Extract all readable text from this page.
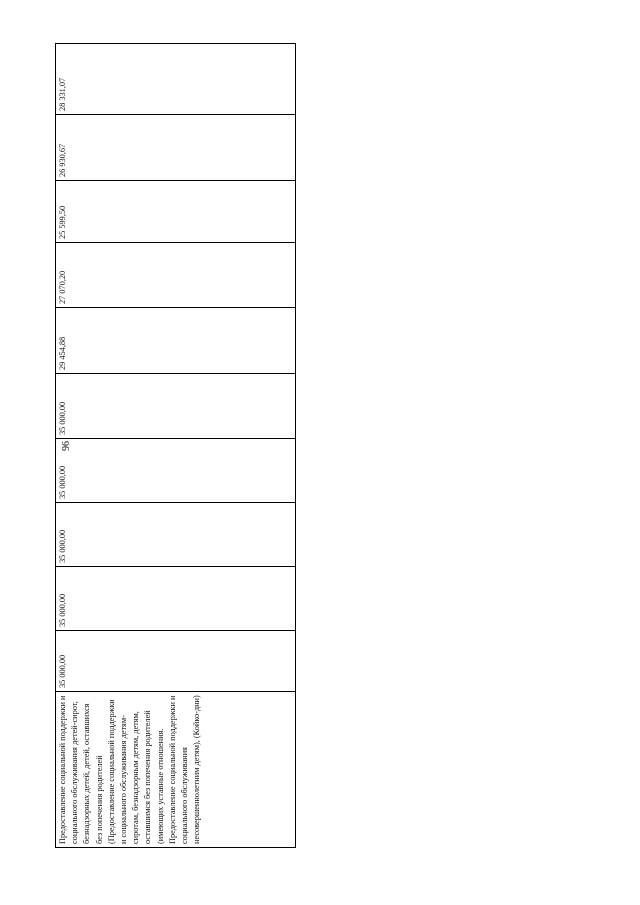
96
Предоставление социальной поддержки и социального обслуживания детей-сирот, безнадзорных детей, детей, оставшихся без попечения родителей (Предоставление социальной поддержки и социального обслуживания детям-сиротам, безнадзорным детям, детям, оставшимся без попечения родителей (имеющих уставные отношения. Предоставление социальной поддержки и социального обслуживания несовершеннолетним детям), (Койко-дни)	35 000,00	35 000,00	35 000,00	35 000,00	35 000,00	29 454,88	27 070,20	25 599,50	26 930,67	28 331,07
